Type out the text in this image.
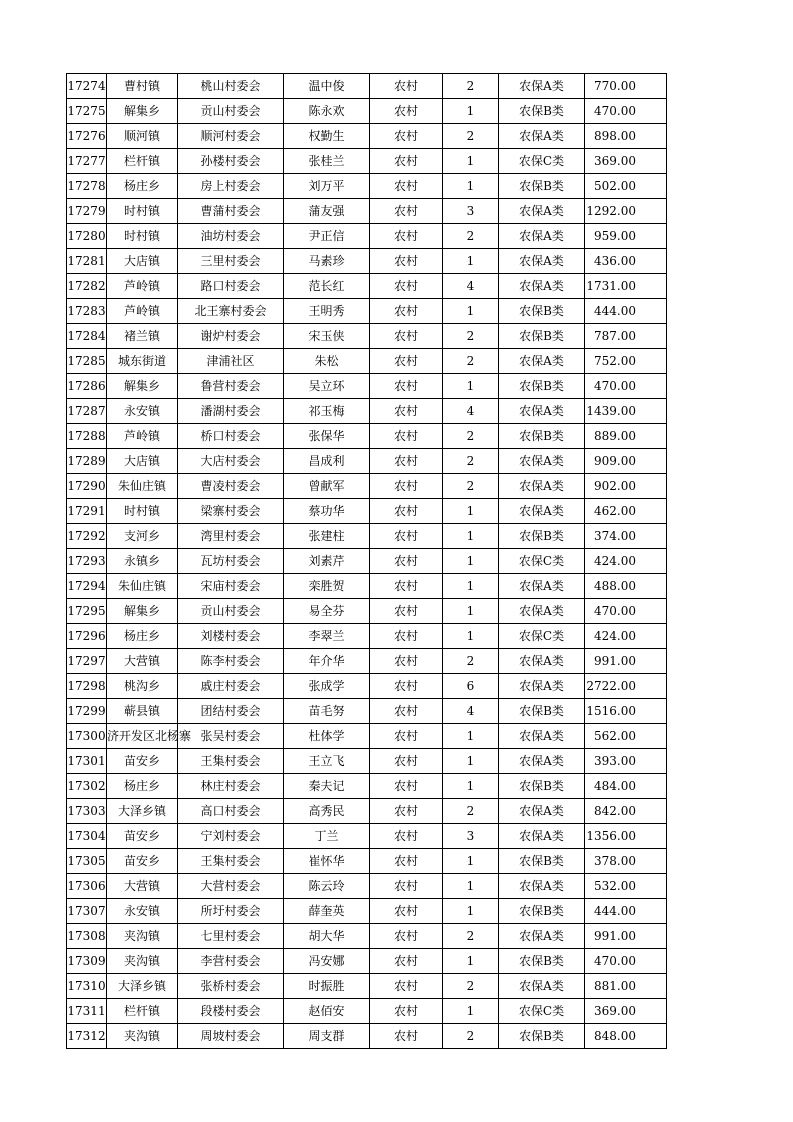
17274	曹村镇	桃山村委会	温中俊	农村	2	农保A类	770.00
17275	解集乡	贡山村委会	陈永欢	农村	1	农保B类	470.00
17276	顺河镇	顺河村委会	权勤生	农村	2	农保A类	898.00
17277	栏杆镇	孙楼村委会	张桂兰	农村	1	农保C类	369.00
17278	杨庄乡	房上村委会	刘万平	农村	1	农保B类	502.00
17279	时村镇	曹蒲村委会	蒲友强	农村	3	农保A类	1292.00
17280	时村镇	油坊村委会	尹正信	农村	2	农保A类	959.00
17281	大店镇	三里村委会	马素珍	农村	1	农保A类	436.00
17282	芦岭镇	路口村委会	范长红	农村	4	农保A类	1731.00
17283	芦岭镇	北王寨村委会	王明秀	农村	1	农保B类	444.00
17284	褚兰镇	谢炉村委会	宋玉侠	农村	2	农保B类	787.00
17285	城东街道	津浦社区	朱松	农村	2	农保A类	752.00
17286	解集乡	鲁营村委会	吴立环	农村	1	农保B类	470.00
17287	永安镇	潘湖村委会	祁玉梅	农村	4	农保A类	1439.00
17288	芦岭镇	桥口村委会	张保华	农村	2	农保B类	889.00
17289	大店镇	大店村委会	昌成利	农村	2	农保A类	909.00
17290	朱仙庄镇	曹凌村委会	曾献军	农村	2	农保A类	902.00
17291	时村镇	梁寨村委会	蔡功华	农村	1	农保A类	462.00
17292	支河乡	湾里村委会	张建柱	农村	1	农保B类	374.00
17293	永镇乡	瓦坊村委会	刘素芹	农村	1	农保C类	424.00
17294	朱仙庄镇	宋庙村委会	栾胜贺	农村	1	农保A类	488.00
17295	解集乡	贡山村委会	易全芬	农村	1	农保A类	470.00
17296	杨庄乡	刘楼村委会	李翠兰	农村	1	农保C类	424.00
17297	大营镇	陈李村委会	年介华	农村	2	农保A类	991.00
17298	桃沟乡	戚庄村委会	张成学	农村	6	农保A类	2722.00
17299	蕲县镇	团结村委会	苗毛努	农村	4	农保B类	1516.00
17300	济开发区北杨寨	张吴村委会	杜体学	农村	1	农保A类	562.00
17301	苗安乡	王集村委会	王立飞	农村	1	农保A类	393.00
17302	杨庄乡	林庄村委会	秦夫记	农村	1	农保B类	484.00
17303	大泽乡镇	高口村委会	高秀民	农村	2	农保A类	842.00
17304	苗安乡	宁刘村委会	丁兰	农村	3	农保A类	1356.00
17305	苗安乡	王集村委会	崔怀华	农村	1	农保B类	378.00
17306	大营镇	大营村委会	陈云玲	农村	1	农保A类	532.00
17307	永安镇	所圩村委会	薛奎英	农村	1	农保B类	444.00
17308	夹沟镇	七里村委会	胡大华	农村	2	农保A类	991.00
17309	夹沟镇	李营村委会	冯安娜	农村	1	农保B类	470.00
17310	大泽乡镇	张桥村委会	时振胜	农村	2	农保A类	881.00
17311	栏杆镇	段楼村委会	赵佰安	农村	1	农保C类	369.00
17312	夹沟镇	周坡村委会	周支群	农村	2	农保B类	848.00
